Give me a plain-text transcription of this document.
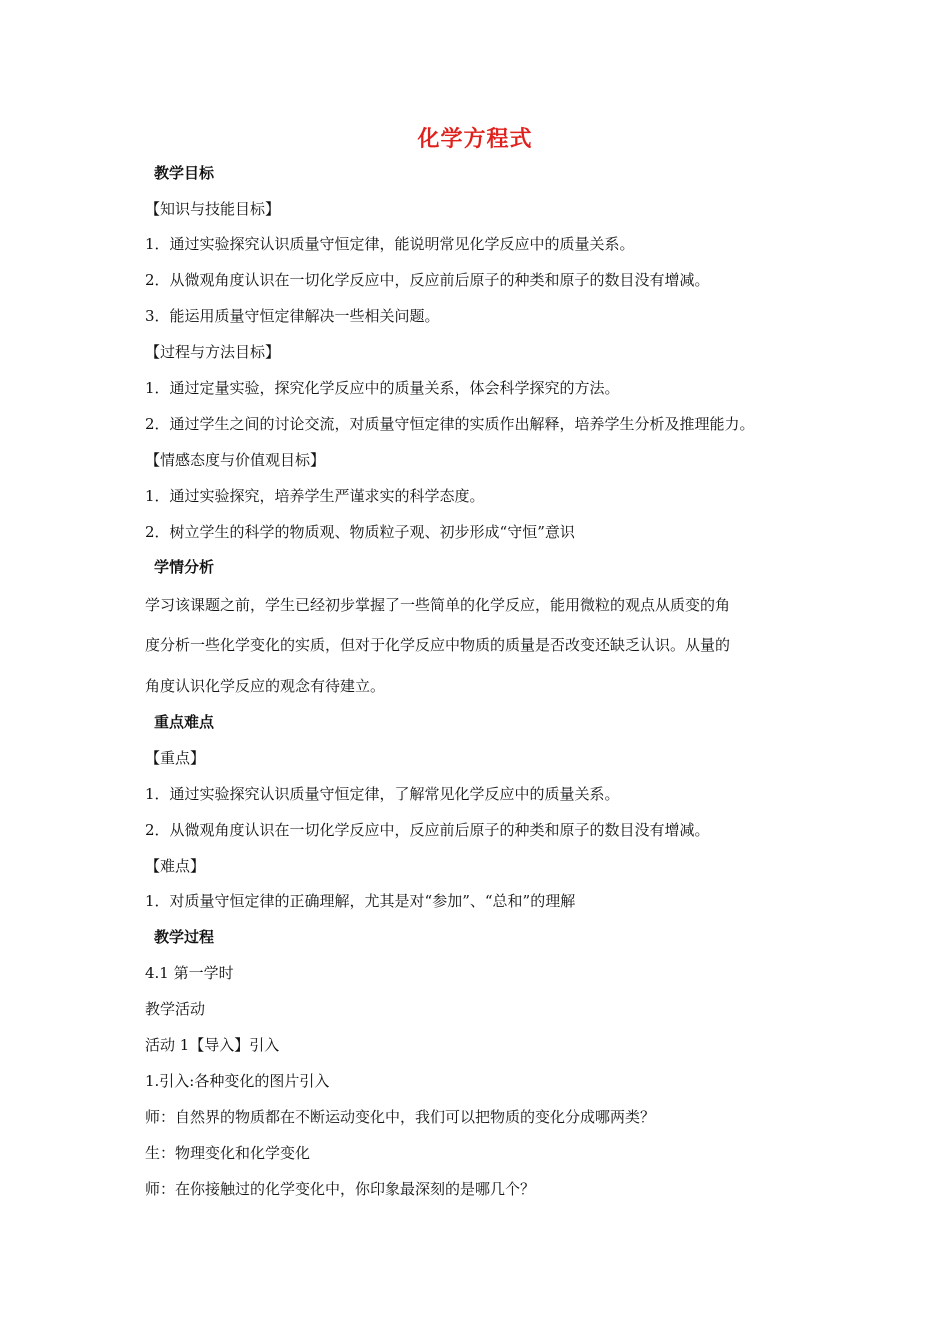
化学方程式
教学目标
【知识与技能目标】
1．通过实验探究认识质量守恒定律，能说明常见化学反应中的质量关系。
2．从微观角度认识在一切化学反应中，反应前后原子的种类和原子的数目没有增减。
3．能运用质量守恒定律解决一些相关问题。
【过程与方法目标】
1．通过定量实验，探究化学反应中的质量关系，体会科学探究的方法。
2．通过学生之间的讨论交流，对质量守恒定律的实质作出解释，培养学生分析及推理能力。
【情感态度与价值观目标】
1．通过实验探究，培养学生严谨求实的科学态度。
2．树立学生的科学的物质观、物质粒子观、初步形成“守恒”意识
学情分析
学习该课题之前，学生已经初步掌握了一些简单的化学反应，能用微粒的观点从质变的角
度分析一些化学变化的实质，但对于化学反应中物质的质量是否改变还缺乏认识。从量的
角度认识化学反应的观念有待建立。
重点难点
【重点】
1．通过实验探究认识质量守恒定律，了解常见化学反应中的质量关系。
2．从微观角度认识在一切化学反应中，反应前后原子的种类和原子的数目没有增减。
【难点】
1．对质量守恒定律的正确理解，尤其是对“参加”、“总和”的理解
教学过程
4.1 第一学时
教学活动
活动 1【导入】引入
1.引入:各种变化的图片引入
师：自然界的物质都在不断运动变化中，我们可以把物质的变化分成哪两类？
生：物理变化和化学变化
师：在你接触过的化学变化中，你印象最深刻的是哪几个？
